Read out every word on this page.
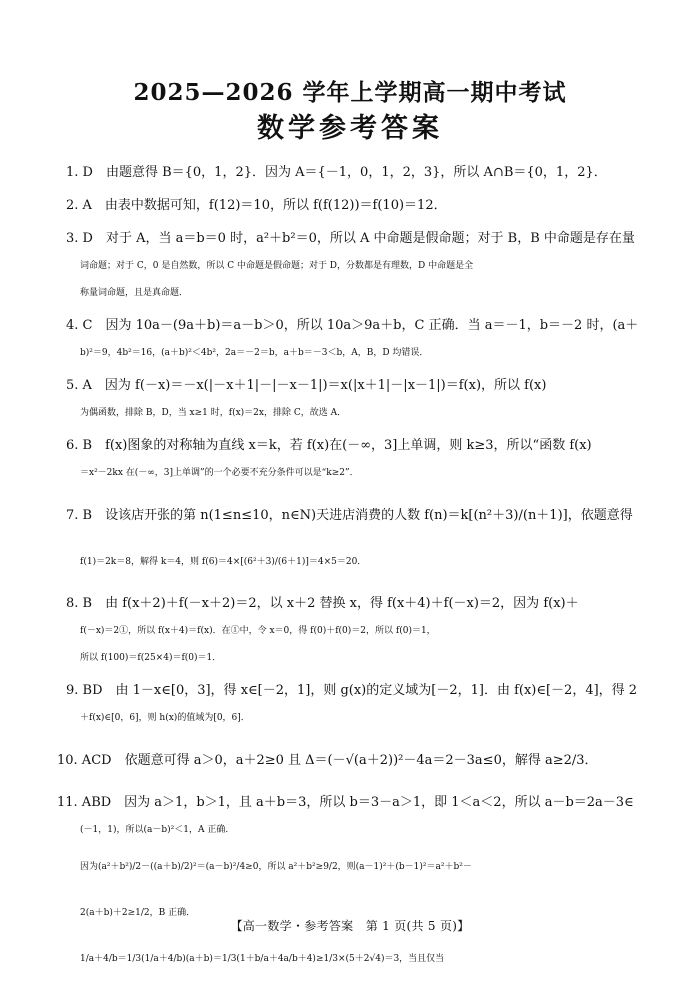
2025—2026 学年上学期高一期中考试
数学参考答案
1. D　由题意得 B＝{0，1，2}．因为 A＝{－1，0，1，2，3}，所以 A∩B＝{0，1，2}．
2. A　由表中数据可知，f(12)＝10，所以 f(f(12))＝f(10)＝12．
3. D　对于 A，当 a＝b＝0 时，a²＋b²＝0，所以 A 中命题是假命题；对于 B，B 中命题是存在量
词命题；对于 C，0 是自然数，所以 C 中命题是假命题；对于 D，分数都是有理数，D 中命题是全
称量词命题，且是真命题．
4. C　因为 10a－(9a＋b)＝a－b＞0，所以 10a＞9a＋b，C 正确．当 a＝－1，b＝－2 时，(a＋
b)²＝9，4b²＝16，(a＋b)²＜4b²，2a＝－2＝b，a＋b＝－3＜b，A，B，D 均错误．
5. A　因为 f(－x)＝－x(|－x＋1|－|－x－1|)＝x(|x＋1|－|x－1|)＝f(x)，所以 f(x)
为偶函数，排除 B，D，当 x≥1 时，f(x)＝2x，排除 C，故选 A．
6. B　f(x)图象的对称轴为直线 x＝k，若 f(x)在(－∞，3]上单调，则 k≥3，所以“函数 f(x)
＝x²－2kx 在(－∞，3]上单调”的一个必要不充分条件可以是“k≥2”．
7. B　设该店开张的第 n(1≤n≤10，n∈N)天进店消费的人数 f(n)＝k[(n²＋3)/(n＋1)]，依题意得
f(1)＝2k＝8，解得 k＝4，则 f(6)＝4×[(6²＋3)/(6＋1)]＝4×5＝20．
8. B　由 f(x＋2)＋f(－x＋2)＝2，以 x＋2 替换 x，得 f(x＋4)＋f(－x)＝2，因为 f(x)＋
f(－x)＝2①，所以 f(x＋4)＝f(x)．在①中，令 x＝0，得 f(0)＋f(0)＝2，所以 f(0)＝1，
所以 f(100)＝f(25×4)＝f(0)＝1．
9. BD　由 1－x∈[0，3]，得 x∈[－2，1]，则 g(x)的定义域为[－2，1]．由 f(x)∈[－2，4]，得 2
＋f(x)∈[0，6]，则 h(x)的值域为[0，6]．
10. ACD　依题意可得 a＞0，a＋2≥0 且 Δ＝(－√(a＋2))²－4a＝2－3a≤0，解得 a≥2/3．
11. ABD　因为 a＞1，b＞1，且 a＋b＝3，所以 b＝3－a＞1，即 1＜a＜2，所以 a－b＝2a－3∈
(－1，1)，所以(a－b)²＜1，A 正确．
因为(a²＋b²)/2－((a＋b)/2)²＝(a－b)²/4≥0，所以 a²＋b²≥9/2，则(a－1)²＋(b－1)²＝a²＋b²－
2(a＋b)＋2≥1/2，B 正确．
1/a＋4/b＝1/3(1/a＋4/b)(a＋b)＝1/3(1＋b/a＋4a/b＋4)≥1/3×(5＋2√4)＝3，当且仅当
【高一数学・参考答案　第 1 页(共 5 页)】
